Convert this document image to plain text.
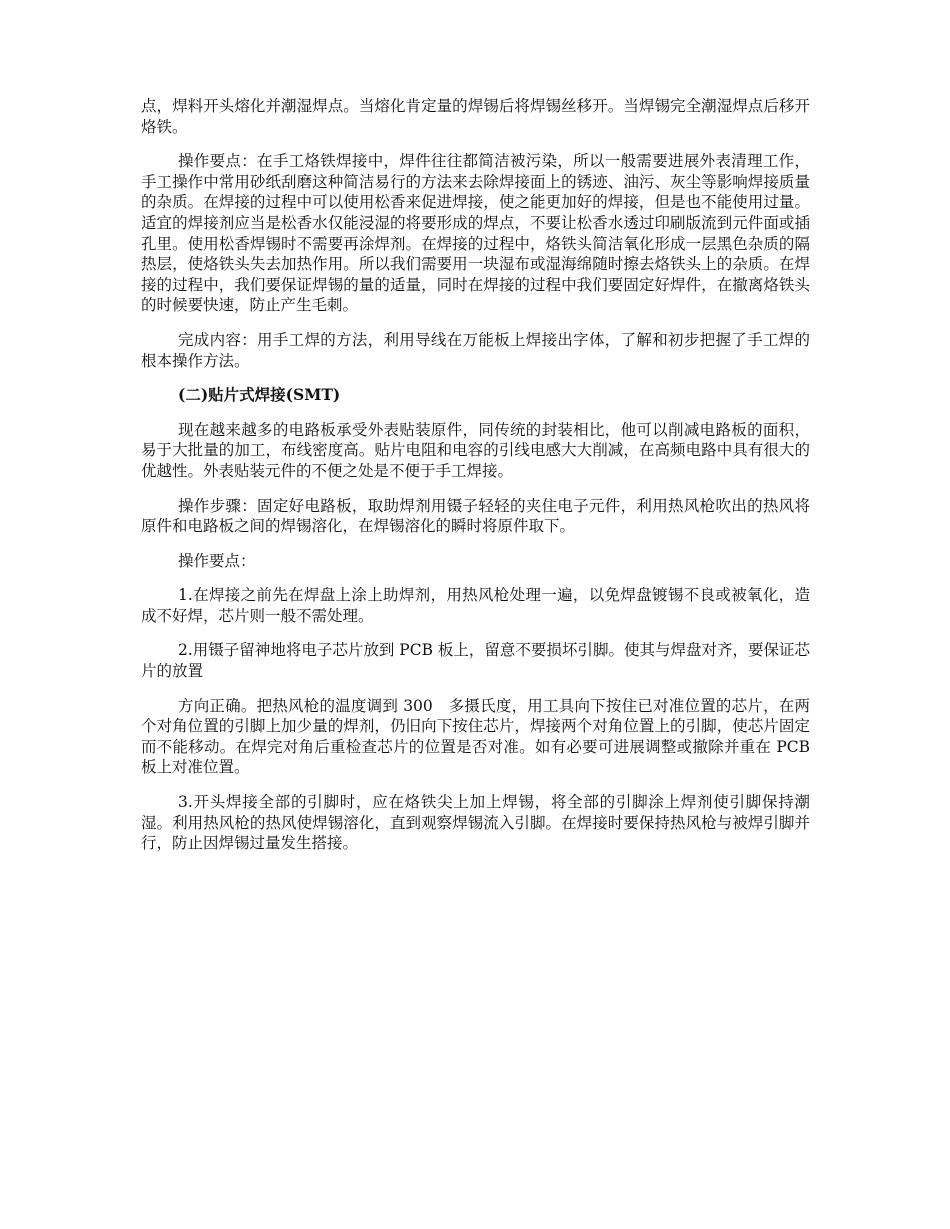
点，焊料开头熔化并潮湿焊点。当熔化肯定量的焊锡后将焊锡丝移开。当焊锡完全潮湿焊点后移开烙铁。

操作要点：在手工烙铁焊接中，焊件往往都简洁被污染，所以一般需要进展外表清理工作，手工操作中常用砂纸刮磨这种简洁易行的方法来去除焊接面上的锈迹、油污、灰尘等影响焊接质量的杂质。在焊接的过程中可以使用松香来促进焊接，使之能更加好的焊接，但是也不能使用过量。适宜的焊接剂应当是松香水仅能浸湿的将要形成的焊点，不要让松香水透过印刷版流到元件面或插孔里。使用松香焊锡时不需要再涂焊剂。在焊接的过程中，烙铁头简洁氧化形成一层黑色杂质的隔热层，使烙铁头失去加热作用。所以我们需要用一块湿布或湿海绵随时擦去烙铁头上的杂质。在焊接的过程中，我们要保证焊锡的量的适量，同时在焊接的过程中我们要固定好焊件，在撤离烙铁头的时候要快速，防止产生毛刺。

完成内容：用手工焊的方法，利用导线在万能板上焊接出字体，了解和初步把握了手工焊的根本操作方法。

(二)贴片式焊接(SMT)

现在越来越多的电路板承受外表贴装原件，同传统的封装相比，他可以削减电路板的面积，易于大批量的加工，布线密度高。贴片电阻和电容的引线电感大大削减，在高频电路中具有很大的优越性。外表贴装元件的不便之处是不便于手工焊接。

操作步骤：固定好电路板，取助焊剂用镊子轻轻的夹住电子元件，利用热风枪吹出的热风将原件和电路板之间的焊锡溶化，在焊锡溶化的瞬时将原件取下。

操作要点：

1.在焊接之前先在焊盘上涂上助焊剂，用热风枪处理一遍，以免焊盘镀锡不良或被氧化，造成不好焊，芯片则一般不需处理。

2.用镊子留神地将电子芯片放到 PCB 板上，留意不要损坏引脚。使其与焊盘对齐，要保证芯片的放置

方向正确。把热风枪的温度调到 300　多摄氏度，用工具向下按住已对准位置的芯片，在两个对角位置的引脚上加少量的焊剂，仍旧向下按住芯片，焊接两个对角位置上的引脚，使芯片固定而不能移动。在焊完对角后重检查芯片的位置是否对准。如有必要可进展调整或撤除并重在 PCB 板上对准位置。

3.开头焊接全部的引脚时，应在烙铁尖上加上焊锡，将全部的引脚涂上焊剂使引脚保持潮湿。利用热风枪的热风使焊锡溶化，直到观察焊锡流入引脚。在焊接时要保持热风枪与被焊引脚并行，防止因焊锡过量发生搭接。
